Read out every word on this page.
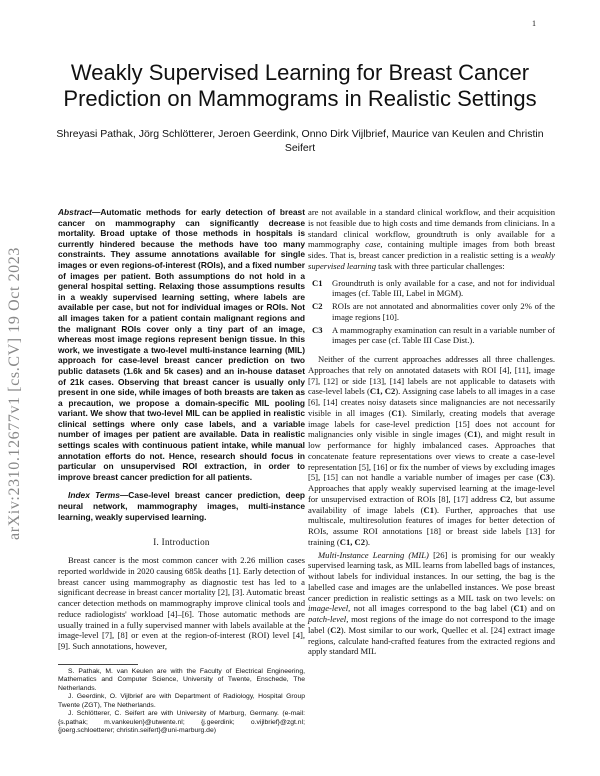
1
arXiv:2310.12677v1 [cs.CV] 19 Oct 2023
Weakly Supervised Learning for Breast Cancer
Prediction on Mammograms in Realistic Settings
Shreyasi Pathak, Jörg Schlötterer, Jeroen Geerdink, Onno Dirk Vijlbrief, Maurice van Keulen and Christin Seifert

Abstract—Automatic methods for early detection of breast cancer on mammography can significantly decrease mortality. Broad uptake of those methods in hospitals is currently hindered because the methods have too many constraints. They assume annotations available for single images or even regions-of-interest (ROIs), and a fixed number of images per patient. Both assumptions do not hold in a general hospital setting. Relaxing those assumptions results in a weakly supervised learning setting, where labels are available per case, but not for individual images or ROIs. Not all images taken for a patient contain malignant regions and the malignant ROIs cover only a tiny part of an image, whereas most image regions represent benign tissue. In this work, we investigate a two-level multi-instance learning (MIL) approach for case-level breast cancer prediction on two public datasets (1.6k and 5k cases) and an in-house dataset of 21k cases. Observing that breast cancer is usually only present in one side, while images of both breasts are taken as a precaution, we propose a domain-specific MIL pooling variant. We show that two-level MIL can be applied in realistic clinical settings where only case labels, and a variable number of images per patient are available. Data in realistic settings scales with continuous patient intake, while manual annotation efforts do not. Hence, research should focus in particular on unsupervised ROI extraction, in order to improve breast cancer prediction for all patients.

Index Terms—Case-level breast cancer prediction, deep neural network, mammography images, multi-instance learning, weakly supervised learning.

I. Introduction

Breast cancer is the most common cancer with 2.26 million cases reported worldwide in 2020 causing 685k deaths [1]. Early detection of breast cancer using mammography as diagnostic test has led to a significant decrease in breast cancer mortality [2], [3]. Automatic breast cancer detection methods on mammography improve clinical tools and reduce radiologists' workload [4]–[6]. Those automatic methods are usually trained in a fully supervised manner with labels available at the image-level [7], [8] or even at the region-of-interest (ROI) level [4], [9]. Such annotations, however,

S. Pathak, M. van Keulen are with the Faculty of Electrical Engineering, Mathematics and Computer Science, University of Twente, Enschede, The Netherlands.

J. Geerdink, O. Vijlbrief are with Department of Radiology, Hospital Group Twente (ZGT), The Netherlands.

J. Schlötterer, C. Seifert are with University of Marburg, Germany. (e-mail: {s.pathak; m.vankeulen}@utwente.nl; {j.geerdink; o.vijlbrief}@zgt.nl; {joerg.schloetterer; christin.seifert}@uni-marburg.de)

are not available in a standard clinical workflow, and their acquisition is not feasible due to high costs and time demands from clinicians. In a standard clinical workflow, groundtruth is only available for a mammography case, containing multiple images from both breast sides. That is, breast cancer prediction in a realistic setting is a weakly supervised learning task with three particular challenges:

C1	Groundtruth is only available for a case, and not for individual images (cf. Table III, Label in MGM).
C2	ROIs are not annotated and abnormalities cover only 2% of the image regions [10].
C3	A mammography examination can result in a variable number of images per case (cf. Table III Case Dist.).

Neither of the current approaches addresses all three challenges. Approaches that rely on annotated datasets with ROI [4], [11], image [7], [12] or side [13], [14] labels are not applicable to datasets with case-level labels (C1, C2). Assigning case labels to all images in a case [6], [14] creates noisy datasets since malignancies are not necessarily visible in all images (C1). Similarly, creating models that average image labels for case-level prediction [15] does not account for malignancies only visible in single images (C1), and might result in low performance for highly imbalanced cases. Approaches that concatenate feature representations over views to create a case-level representation [5], [16] or fix the number of views by excluding images [5], [15] can not handle a variable number of images per case (C3). Approaches that apply weakly supervised learning at the image-level for unsupervised extraction of ROIs [8], [17] address C2, but assume availability of image labels (C1). Further, approaches that use multiscale, multiresolution features of images for better detection of ROIs, assume ROI annotations [18] or breast side labels [13] for training (C1, C2).

Multi-Instance Learning (MIL) [26] is promising for our weakly supervised learning task, as MIL learns from labelled bags of instances, without labels for individual instances. In our setting, the bag is the labelled case and images are the unlabelled instances. We pose breast cancer prediction in realistic settings as a MIL task on two levels: on image-level, not all images correspond to the bag label (C1) and on patch-level, most regions of the image do not correspond to the image label (C2). Most similar to our work, Quellec et al. [24] extract image regions, calculate hand-crafted features from the extracted regions and apply standard MIL
